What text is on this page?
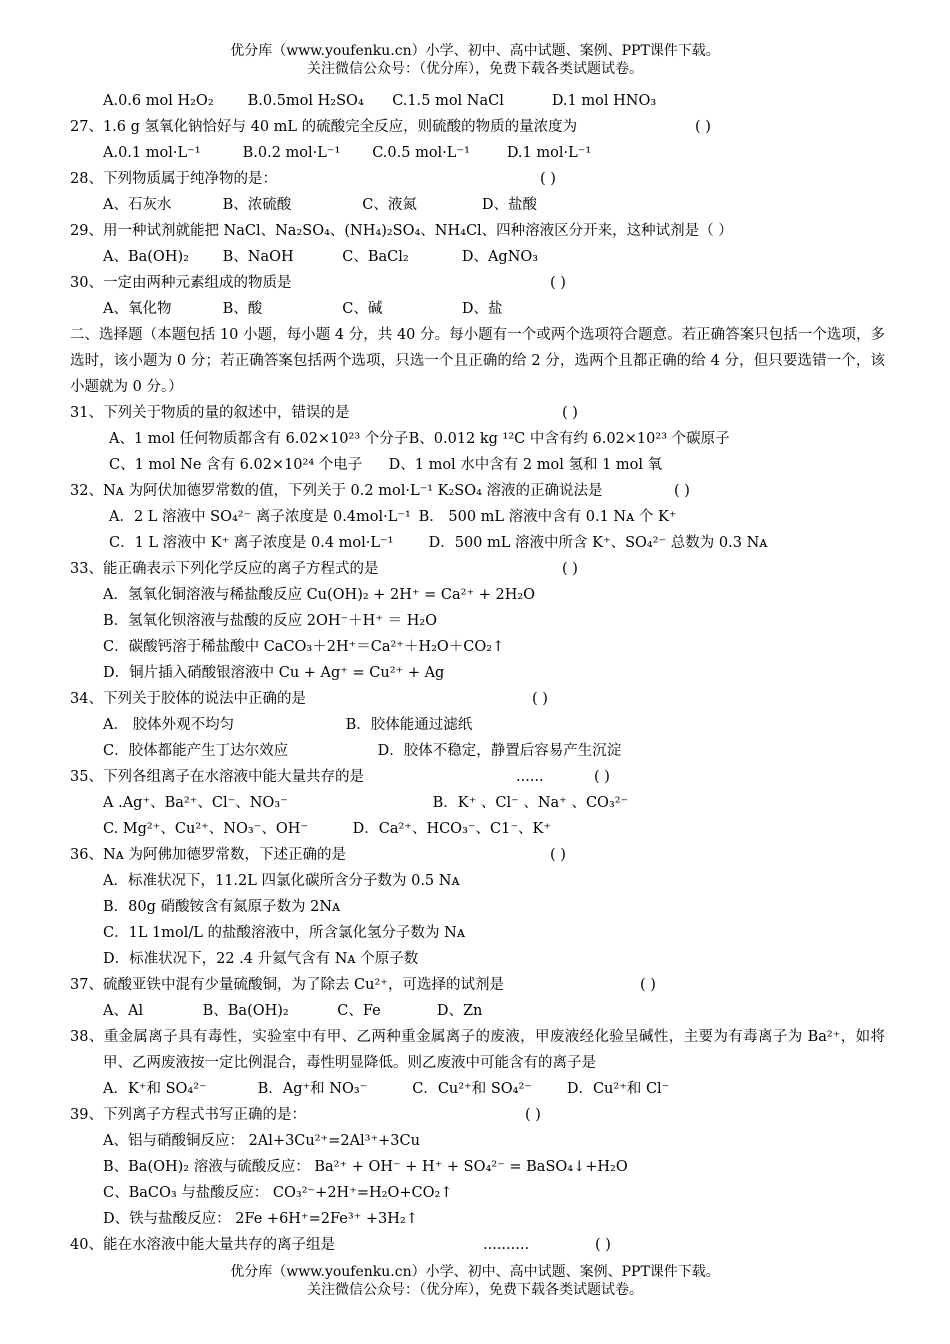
优分库（www.youfenku.cn）小学、初中、高中试题、案例、PPT课件下载。
关注微信公众号：（优分库），免费下载各类试题试卷。
A.0.6 mol H₂O₂ B.0.5mol H₂SO₄ C.1.5 mol NaCl	D.1 mol HNO₃
27、1.6 g 氢氧化钠恰好与 40 mL 的硫酸完全反应，则硫酸的物质的量浓度为	( )
A.0.1 mol·L⁻¹	B.0.2 mol·L⁻¹ C.0.5 mol·L⁻¹	D.1 mol·L⁻¹
28、下列物质属于纯净物的是：	( )
A、石灰水	B、浓硫酸	C、液氮	D、盐酸
29、用一种试剂就能把 NaCl、Na₂SO₄、(NH₄)₂SO₄、NH₄Cl、四种溶液区分开来，这种试剂是（ ）
A、Ba(OH)₂ B、NaOH	C、BaCl₂	D、AgNO₃
30、一定由两种元素组成的物质是	( )
A、氧化物	B、酸	C、碱	D、盐
二、选择题（本题包括 10 小题，每小题 4 分，共 40 分。每小题有一个或两个选项符合题意。若正确答案只包括一个选项，多选时，该小题为 0 分；若正确答案包括两个选项，只选一个且正确的给 2 分，选两个且都正确的给 4 分，但只要选错一个，该小题就为 0 分。）
31、下列关于物质的量的叙述中，错误的是	( )
A、1 mol 任何物质都含有 6.02×10²³ 个分子 B、0.012 kg ¹²C 中含有约 6.02×10²³ 个碳原子
C、1 mol Ne 含有 6.02×10²⁴ 个电子 D、1 mol 水中含有 2 mol 氢和 1 mol 氧
32、Nᴀ 为阿伏加德罗常数的值，下列关于 0.2 mol·L⁻¹ K₂SO₄ 溶液的正确说法是	( )
A．2 L 溶液中 SO₄²⁻ 离子浓度是 0.4mol·L⁻¹ B． 500 mL 溶液中含有 0.1 Nᴀ 个 K⁺
C．1 L 溶液中 K⁺ 离子浓度是 0.4 mol·L⁻¹ D．500 mL 溶液中所含 K⁺、SO₄²⁻ 总数为 0.3 Nᴀ
33、能正确表示下列化学反应的离子方程式的是	( )
A．氢氧化铜溶液与稀盐酸反应 Cu(OH)₂ + 2H⁺ = Ca²⁺ + 2H₂O
B．氢氧化钡溶液与盐酸的反应 2OH⁻＋H⁺ ＝ H₂O
C．碳酸钙溶于稀盐酸中 CaCO₃＋2H⁺＝Ca²⁺＋H₂O＋CO₂↑
D．铜片插入硝酸银溶液中 Cu + Ag⁺ = Cu²⁺ + Ag
34、下列关于胶体的说法中正确的是	( )
A． 胶体外观不均匀	B．胶体能通过滤纸
C．胶体都能产生丁达尔效应	D．胶体不稳定，静置后容易产生沉淀
35、下列各组离子在水溶液中能大量共存的是	......	( )
A .Ag⁺、Ba²⁺、Cl⁻、NO₃⁻	B．K⁺ 、Cl⁻ 、Na⁺ 、CO₃²⁻
C. Mg²⁺、Cu²⁺、NO₃⁻、OH⁻	D．Ca²⁺、HCO₃⁻、C1⁻、K⁺
36、Nᴀ 为阿佛加德罗常数，下述正确的是	( )
A．标准状况下，11.2L 四氯化碳所含分子数为 0.5 Nᴀ
B．80g 硝酸铵含有氮原子数为 2Nᴀ
C．1L 1mol/L 的盐酸溶液中，所含氯化氢分子数为 Nᴀ
D．标准状况下，22 .4 升氦气含有 Nᴀ 个原子数
37、硫酸亚铁中混有少量硫酸铜，为了除去 Cu²⁺，可选择的试剂是	( )
A、Al	B、Ba(OH)₂	C、Fe	D、Zn
38、重金属离子具有毒性，实验室中有甲、乙两种重金属离子的废液，甲废液经化验呈碱性，主要为有毒离子为 Ba²⁺，如将甲、乙两废液按一定比例混合，毒性明显降低。则乙废液中可能含有的离子是
A．K⁺和 SO₄²⁻	B．Ag⁺和 NO₃⁻	C．Cu²⁺和 SO₄²⁻ D．Cu²⁺和 Cl⁻
39、下列离子方程式书写正确的是：	( )
A、铝与硝酸铜反应： 2Al+3Cu²⁺=2Al³⁺+3Cu
B、Ba(OH)₂ 溶液与硫酸反应： Ba²⁺ + OH⁻ + H⁺ + SO₄²⁻ = BaSO₄↓+H₂O
C、BaCO₃ 与盐酸反应： CO₃²⁻+2H⁺=H₂O+CO₂↑
D、铁与盐酸反应： 2Fe +6H⁺=2Fe³⁺ +3H₂↑
40、能在水溶液中能大量共存的离子组是	..........	( )
优分库（www.youfenku.cn）小学、初中、高中试题、案例、PPT课件下载。
关注微信公众号：（优分库），免费下载各类试题试卷。
